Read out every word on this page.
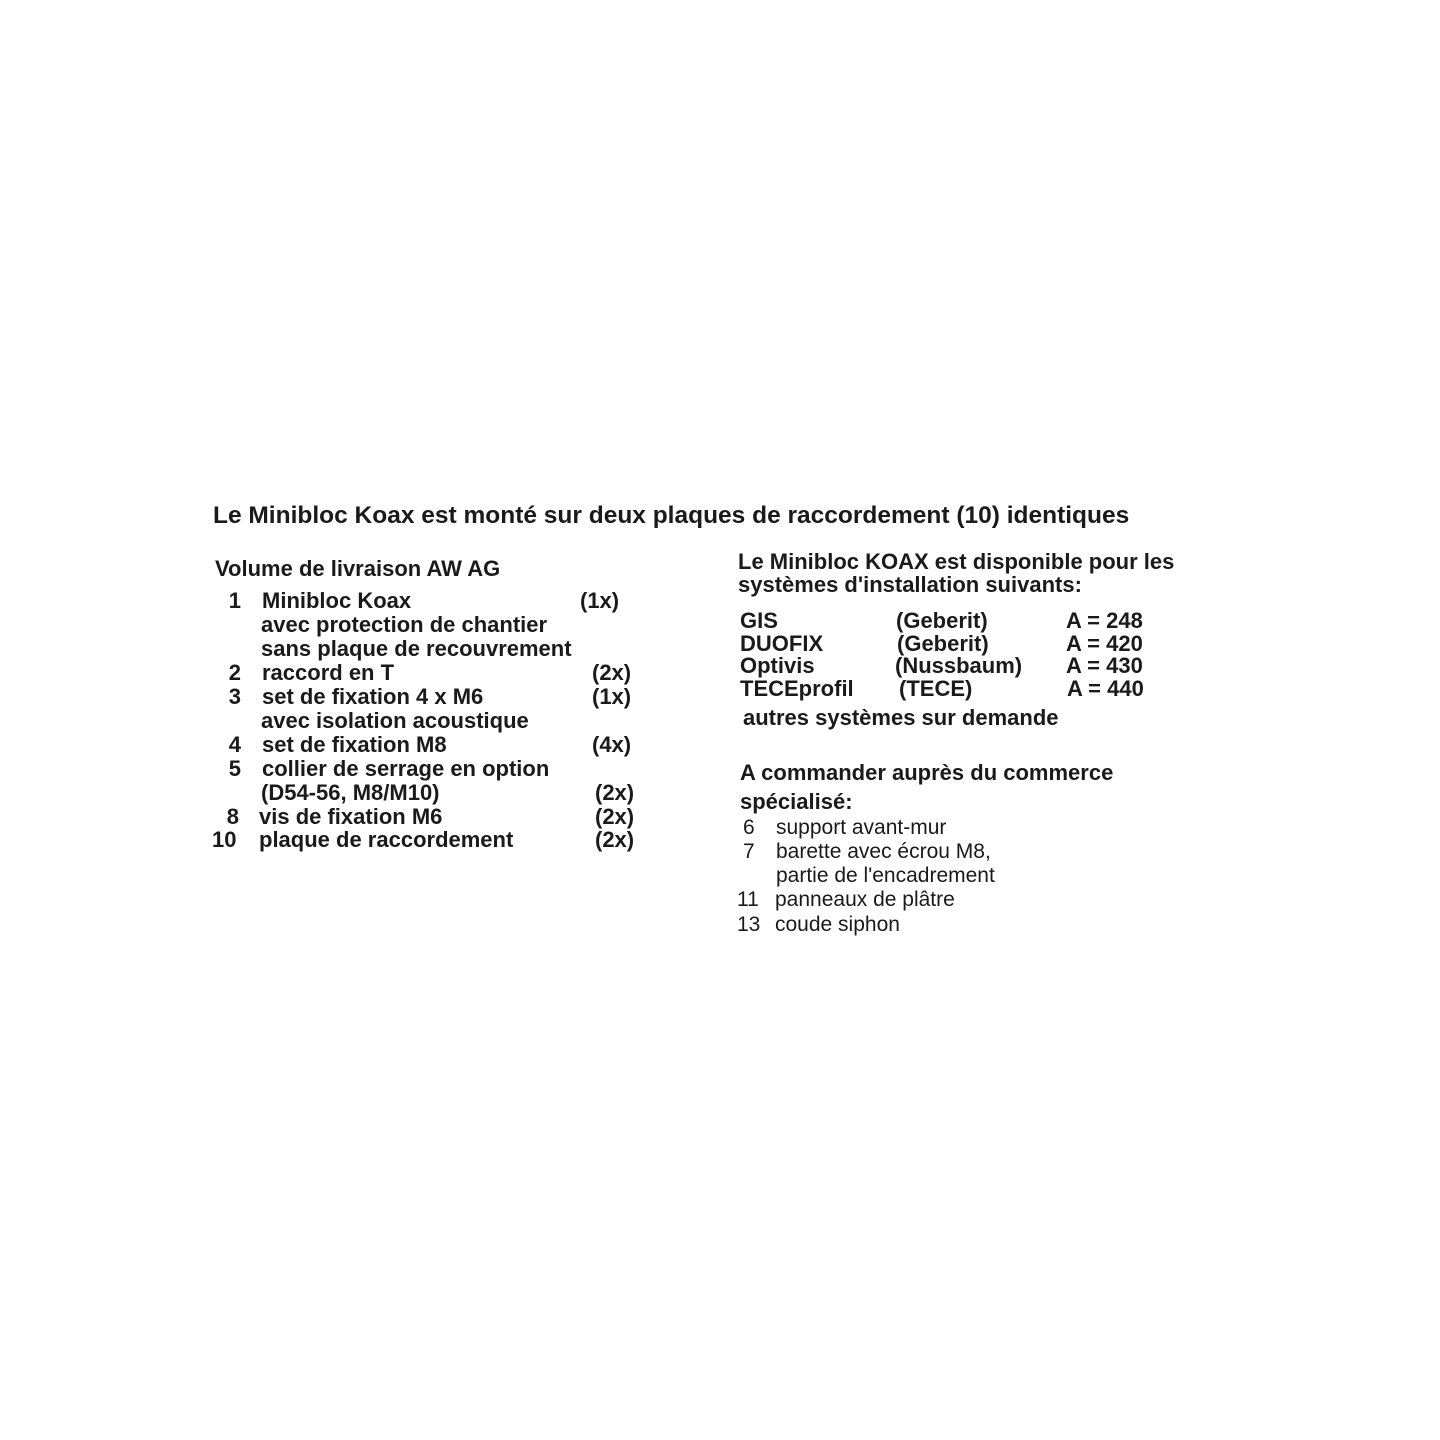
Le Minibloc Koax est monté sur deux plaques de raccordement (10) identiques
Volume de livraison AW AG
1 Minibloc Koax	(1x)
avec protection de chantier
sans plaque de recouvrement
2 raccord en T	(2x)
3 set de fixation 4 x M6	(1x)
avec isolation acoustique
4 set de fixation M8	(4x)
5 collier de serrage en option
(D54-56, M8/M10)	(2x)
8 vis de fixation M6	(2x)
10 plaque de raccordement	(2x)
Le Minibloc KOAX est disponible pour les
systèmes d'installation suivants:
GIS	(Geberit)	A = 248
DUOFIX	(Geberit)	A = 420
Optivis	(Nussbaum) A = 430
TECEprofil (TECE)	A = 440
autres systèmes sur demande
A commander auprès du commerce
spécialisé:
6 support avant-mur
7 barette avec écrou M8,
partie de l'encadrement
11 panneaux de plâtre
13 coude siphon
